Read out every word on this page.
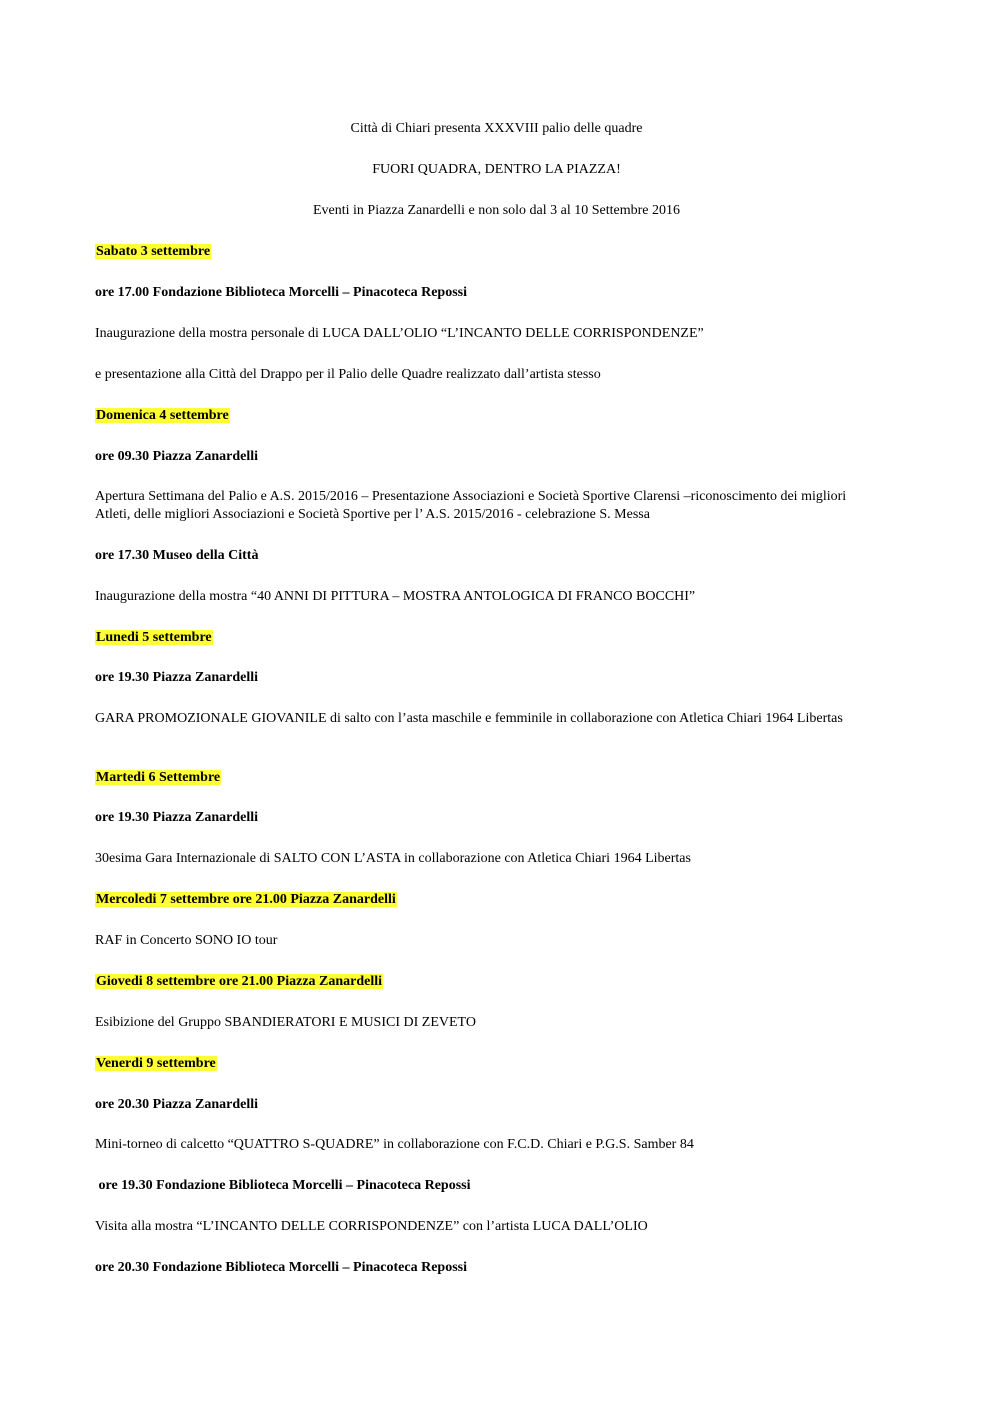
Città di Chiari presenta XXXVIII palio delle quadre
FUORI QUADRA, DENTRO LA PIAZZA!
Eventi in Piazza Zanardelli e non solo dal 3 al 10 Settembre 2016
Sabato 3 settembre
ore 17.00 Fondazione Biblioteca Morcelli – Pinacoteca Repossi
Inaugurazione della mostra personale di LUCA DALL’OLIO “L’INCANTO DELLE CORRISPONDENZE”
e presentazione alla Città del Drappo per il Palio delle Quadre realizzato dall’artista stesso
Domenica 4 settembre
ore 09.30 Piazza Zanardelli
Apertura Settimana del Palio e A.S. 2015/2016 – Presentazione Associazioni e Società Sportive Clarensi –riconoscimento dei migliori Atleti, delle migliori Associazioni e Società Sportive per l’ A.S. 2015/2016 - celebrazione S. Messa
ore 17.30 Museo della Città
Inaugurazione della mostra “40 ANNI DI PITTURA – MOSTRA ANTOLOGICA DI FRANCO BOCCHI”
Lunedi 5 settembre
ore 19.30 Piazza Zanardelli
GARA PROMOZIONALE GIOVANILE di salto con l’asta maschile e femminile in collaborazione con Atletica Chiari 1964 Libertas
Martedi 6 Settembre
ore 19.30 Piazza Zanardelli
30esima Gara Internazionale di SALTO CON L’ASTA in collaborazione con Atletica Chiari 1964 Libertas
Mercoledi 7 settembre ore 21.00 Piazza Zanardelli
RAF in Concerto SONO IO tour
Giovedi 8 settembre ore 21.00 Piazza Zanardelli
Esibizione del Gruppo SBANDIERATORI E MUSICI DI ZEVETO
Venerdi 9 settembre
ore 20.30 Piazza Zanardelli
Mini-torneo di calcetto “QUATTRO S-QUADRE” in collaborazione con F.C.D. Chiari e P.G.S. Samber 84
ore 19.30 Fondazione Biblioteca Morcelli – Pinacoteca Repossi
Visita alla mostra “L’INCANTO DELLE CORRISPONDENZE” con l’artista LUCA DALL’OLIO
ore 20.30 Fondazione Biblioteca Morcelli – Pinacoteca Repossi
